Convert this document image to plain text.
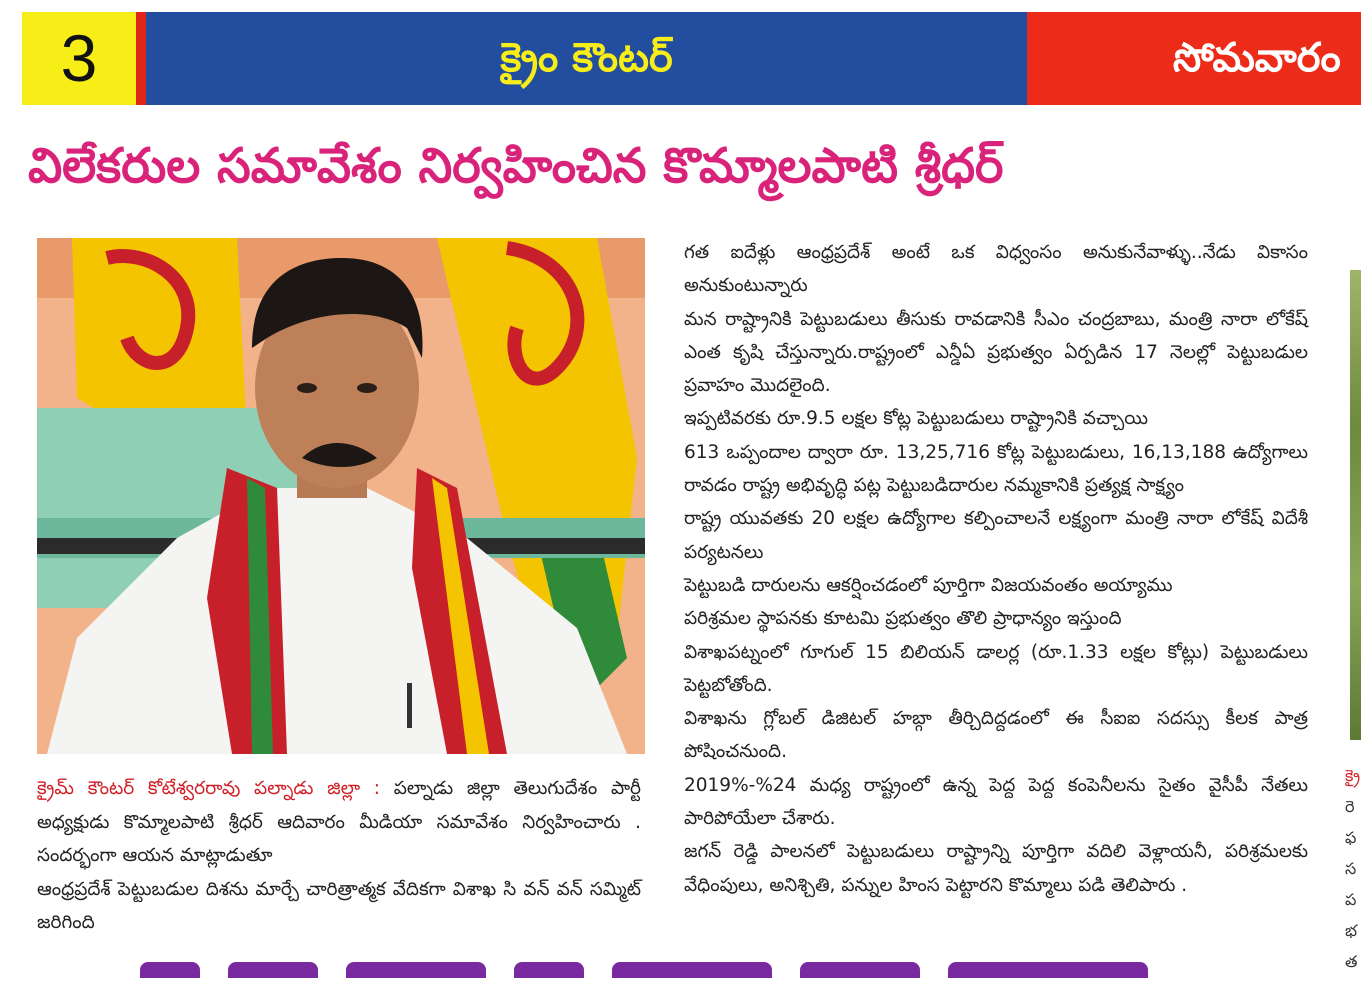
3	క్రైం కౌంటర్	సోమవారం
విలేకరుల సమావేశం నిర్వహించిన కొమ్మాలపాటి శ్రీధర్
క్రైమ్ కౌంటర్ కోటేశ్వరరావు పల్నాడు జిల్లా : పల్నాడు జిల్లా తెలుగుదేశం పార్టీ అధ్యక్షుడు కొమ్మాలపాటి శ్రీధర్ ఆదివారం మీడియా సమావేశం నిర్వహించారు . సందర్భంగా ఆయన మాట్లాడుతూ
ఆంధ్రప్రదేశ్ పెట్టుబడుల దిశను మార్చే చారిత్రాత్మక వేదికగా విశాఖ సి వన్ వన్ సమ్మిట్ జరిగింది

గత ఐదేళ్లు ఆంధ్రప్రదేశ్ అంటే ఒక విధ్వంసం అనుకునేవాళ్ళు..నేడు వికాసం అనుకుంటున్నారు

మన రాష్ట్రానికి పెట్టుబడులు తీసుకు రావడానికి సీఎం చంద్రబాబు, మంత్రి నారా లోకేష్ ఎంత కృషి చేస్తున్నారు.రాష్ట్రంలో ఎన్డీఏ ప్రభుత్వం ఏర్పడిన 17 నెలల్లో పెట్టుబడుల ప్రవాహం మొదలైంది.

ఇప్పటివరకు రూ.9.5 లక్షల కోట్ల పెట్టుబడులు రాష్ట్రానికి వచ్చాయి

613 ఒప్పందాల ద్వారా రూ. 13,25,716 కోట్ల పెట్టుబడులు, 16,13,188 ఉద్యోగాలు రావడం రాష్ట్ర అభివృద్ధి పట్ల పెట్టుబడిదారుల నమ్మకానికి ప్రత్యక్ష సాక్ష్యం

రాష్ట్ర యువతకు 20 లక్షల ఉద్యోగాల కల్పించాలనే లక్ష్యంగా మంత్రి నారా లోకేష్ విదేశీ పర్యటనలు

పెట్టుబడి దారులను ఆకర్షించడంలో పూర్తిగా విజయవంతం అయ్యాము

పరిశ్రమల స్థాపనకు కూటమి ప్రభుత్వం తొలి ప్రాధాన్యం ఇస్తుంది

విశాఖపట్నంలో గూగుల్ 15 బిలియన్ డాలర్ల (రూ.1.33 లక్షల కోట్లు) పెట్టుబడులు పెట్టబోతోంది.

విశాఖను గ్లోబల్ డిజిటల్ హబ్గా తీర్చిదిద్దడంలో ఈ సీఐఐ సదస్సు కీలక పాత్ర పోషించనుంది.

2019%-%24 మధ్య రాష్ట్రంలో ఉన్న పెద్ద పెద్ద కంపెనీలను సైతం వైసీపీ నేతలు పారిపోయేలా చేశారు.

జగన్ రెడ్డి పాలనలో పెట్టుబడులు రాష్ట్రాన్ని పూర్తిగా వదిలి వెళ్లాయనీ, పరిశ్రమలకు వేధింపులు, అనిశ్చితి, పన్నుల హింస పెట్టారని కొమ్మాలు పడి తెలిపారు .

క్రై
రె
ఫ
స
ప
భ
త
